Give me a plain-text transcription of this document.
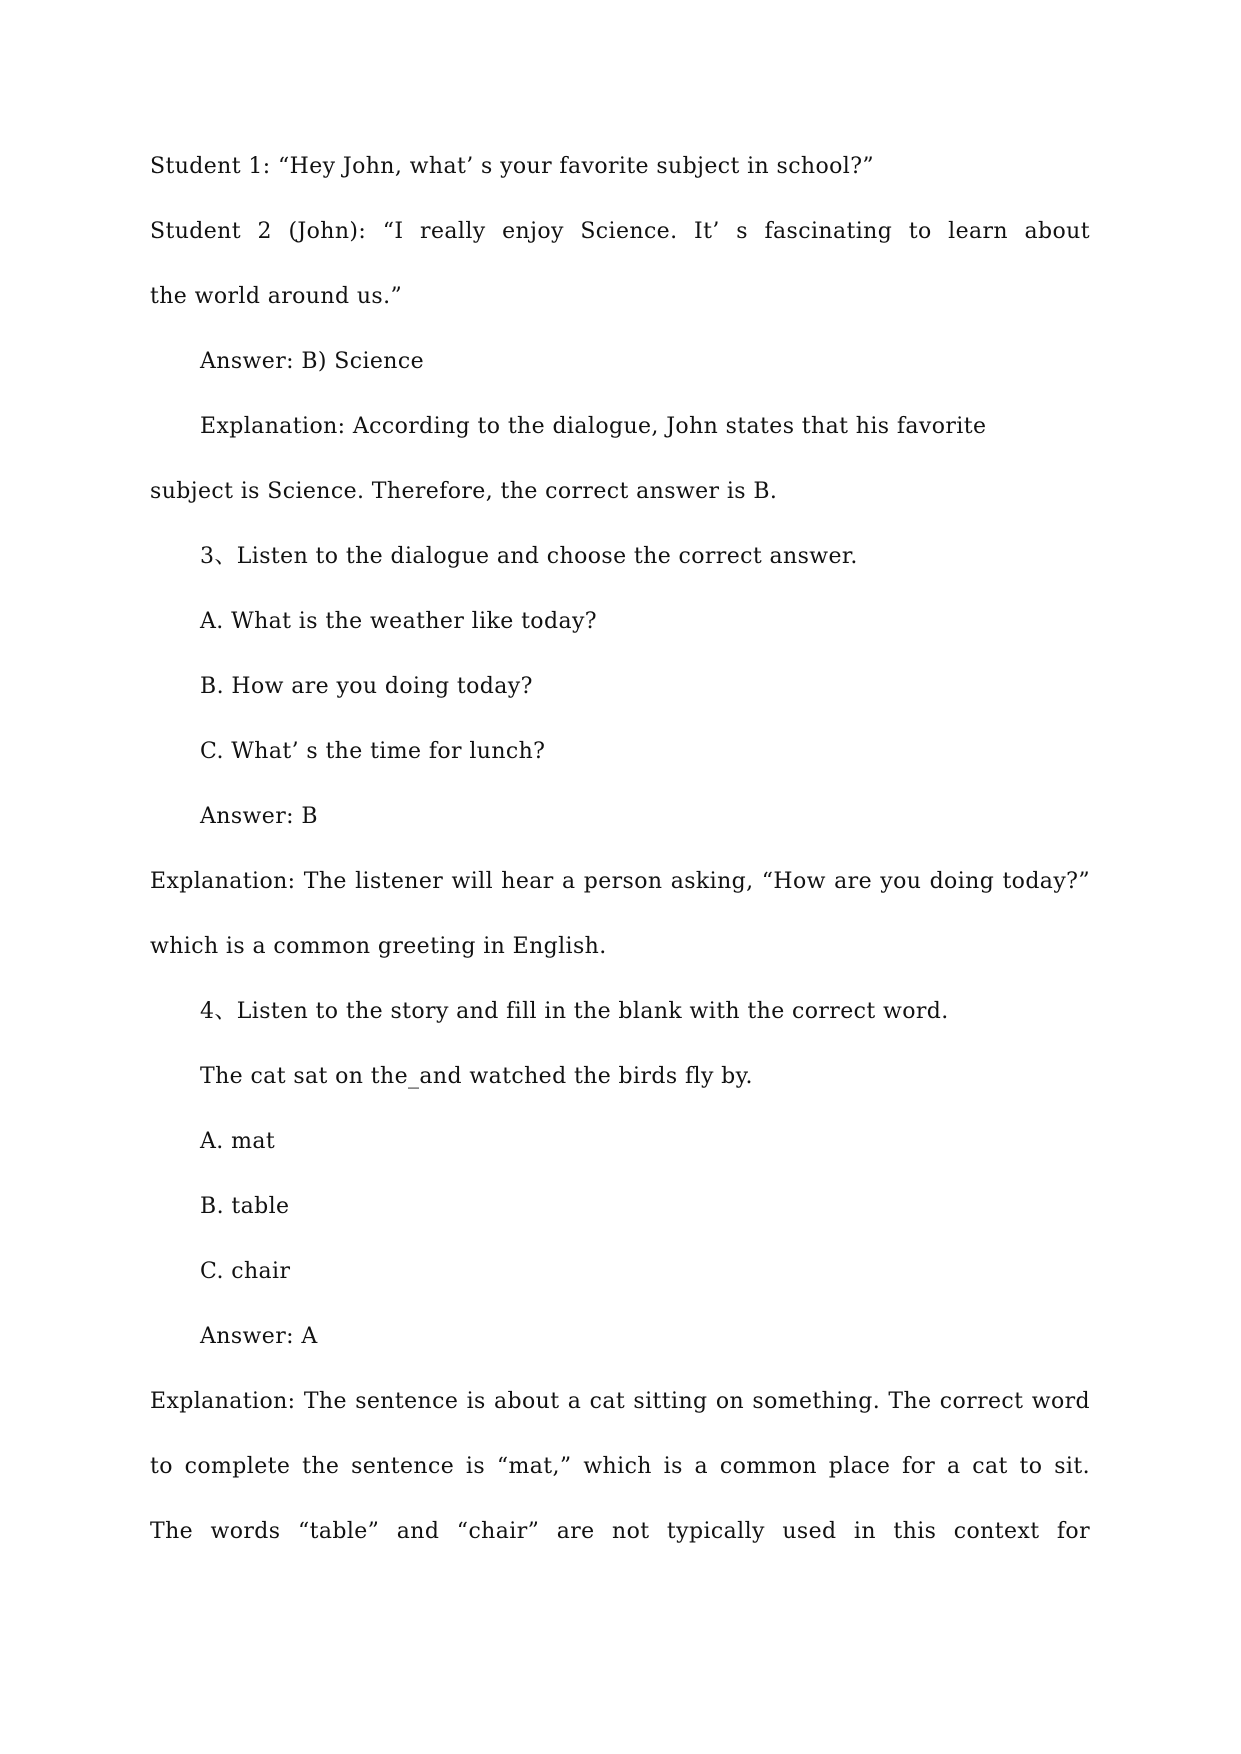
Student 1: “Hey John, what’ s your favorite subject in school?”
Student 2 (John): “I really enjoy Science. It’ s fascinating to learn about
the world around us.”
Answer: B) Science
Explanation: According to the dialogue, John states that his favorite
subject is Science. Therefore, the correct answer is B.
3、Listen to the dialogue and choose the correct answer.
A. What is the weather like today?
B. How are you doing today?
C. What’ s the time for lunch?
Answer: B
Explanation: The listener will hear a person asking, “How are you doing today?”
which is a common greeting in English.
4、Listen to the story and fill in the blank with the correct word.
The cat sat on the_and watched the birds fly by.
A. mat
B. table
C. chair
Answer: A
Explanation: The sentence is about a cat sitting on something. The correct word
to complete the sentence is “mat,” which is a common place for a cat to sit.
The words “table” and “chair” are not typically used in this context for
